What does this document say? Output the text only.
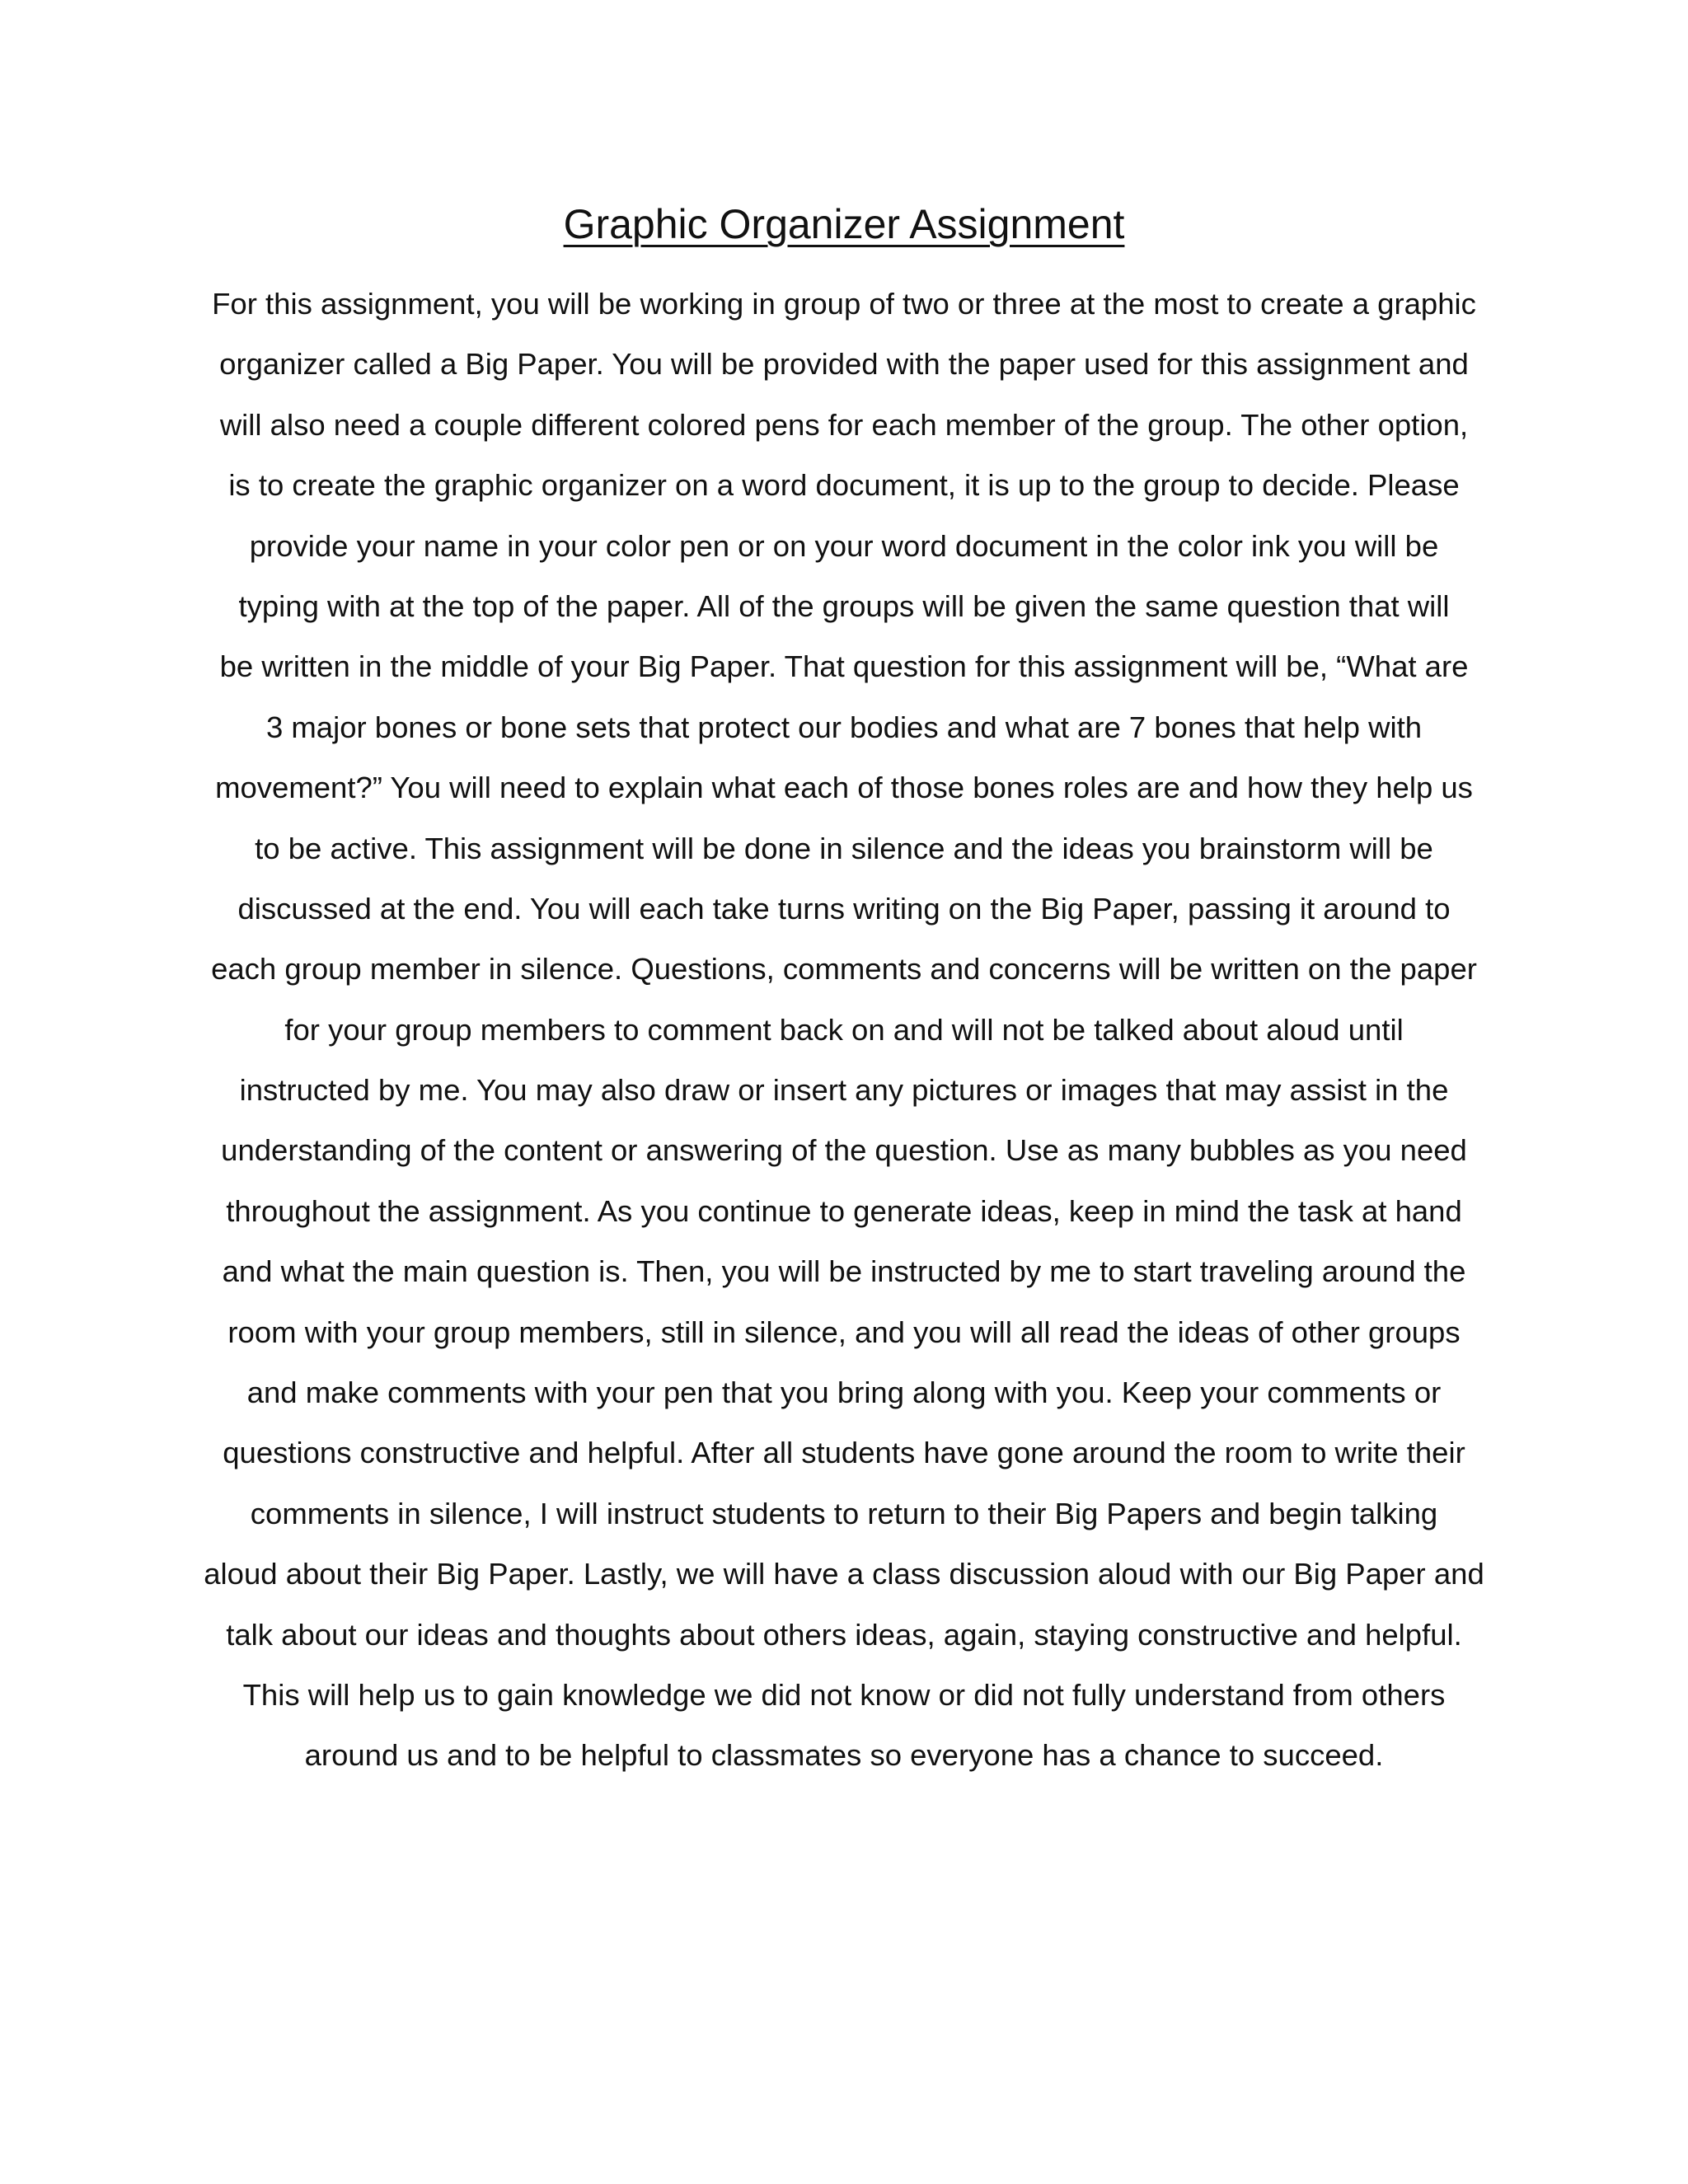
Graphic Organizer Assignment
For this assignment, you will be working in group of two or three at the most to create a graphic
organizer called a Big Paper. You will be provided with the paper used for this assignment and
will also need a couple different colored pens for each member of the group. The other option,
is to create the graphic organizer on a word document, it is up to the group to decide. Please
provide your name in your color pen or on your word document in the color ink you will be
typing with at the top of the paper. All of the groups will be given the same question that will
be written in the middle of your Big Paper. That question for this assignment will be, “What are
3 major bones or bone sets that protect our bodies and what are 7 bones that help with
movement?” You will need to explain what each of those bones roles are and how they help us
to be active. This assignment will be done in silence and the ideas you brainstorm will be
discussed at the end. You will each take turns writing on the Big Paper, passing it around to
each group member in silence. Questions, comments and concerns will be written on the paper
for your group members to comment back on and will not be talked about aloud until
instructed by me. You may also draw or insert any pictures or images that may assist in the
understanding of the content or answering of the question. Use as many bubbles as you need
throughout the assignment. As you continue to generate ideas, keep in mind the task at hand
and what the main question is. Then, you will be instructed by me to start traveling around the
room with your group members, still in silence, and you will all read the ideas of other groups
and make comments with your pen that you bring along with you. Keep your comments or
questions constructive and helpful. After all students have gone around the room to write their
comments in silence, I will instruct students to return to their Big Papers and begin talking
aloud about their Big Paper. Lastly, we will have a class discussion aloud with our Big Paper and
talk about our ideas and thoughts about others ideas, again, staying constructive and helpful.
This will help us to gain knowledge we did not know or did not fully understand from others
around us and to be helpful to classmates so everyone has a chance to succeed.
